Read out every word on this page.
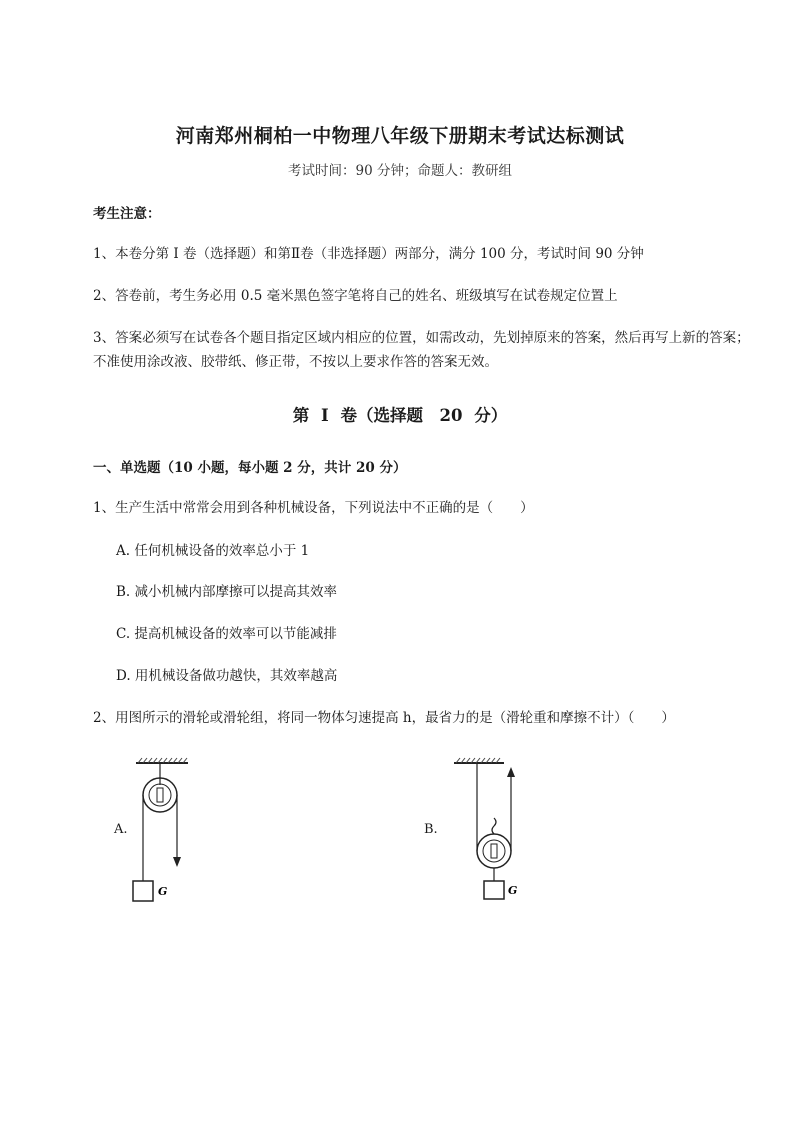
河南郑州桐柏一中物理八年级下册期末考试达标测试
考试时间：90 分钟；命题人：教研组
考生注意：
1、本卷分第 I 卷（选择题）和第Ⅱ卷（非选择题）两部分，满分 100 分，考试时间 90 分钟
2、答卷前，考生务必用 0.5 毫米黑色签字笔将自己的姓名、班级填写在试卷规定位置上
3、答案必须写在试卷各个题目指定区域内相应的位置，如需改动，先划掉原来的答案，然后再写上新的答案；不准使用涂改液、胶带纸、修正带，不按以上要求作答的答案无效。
第 I 卷（选择题　20 分）
一、单选题（10 小题，每小题 2 分，共计 20 分）
1、生产生活中常常会用到各种机械设备，下列说法中不正确的是（　　）
A. 任何机械设备的效率总小于 1
B. 减小机械内部摩擦可以提高其效率
C. 提高机械设备的效率可以节能减排
D. 用机械设备做功越快，其效率越高
2、用图所示的滑轮或滑轮组，将同一物体匀速提高 h，最省力的是（滑轮重和摩擦不计）（　　）
A.
G
B.
G
